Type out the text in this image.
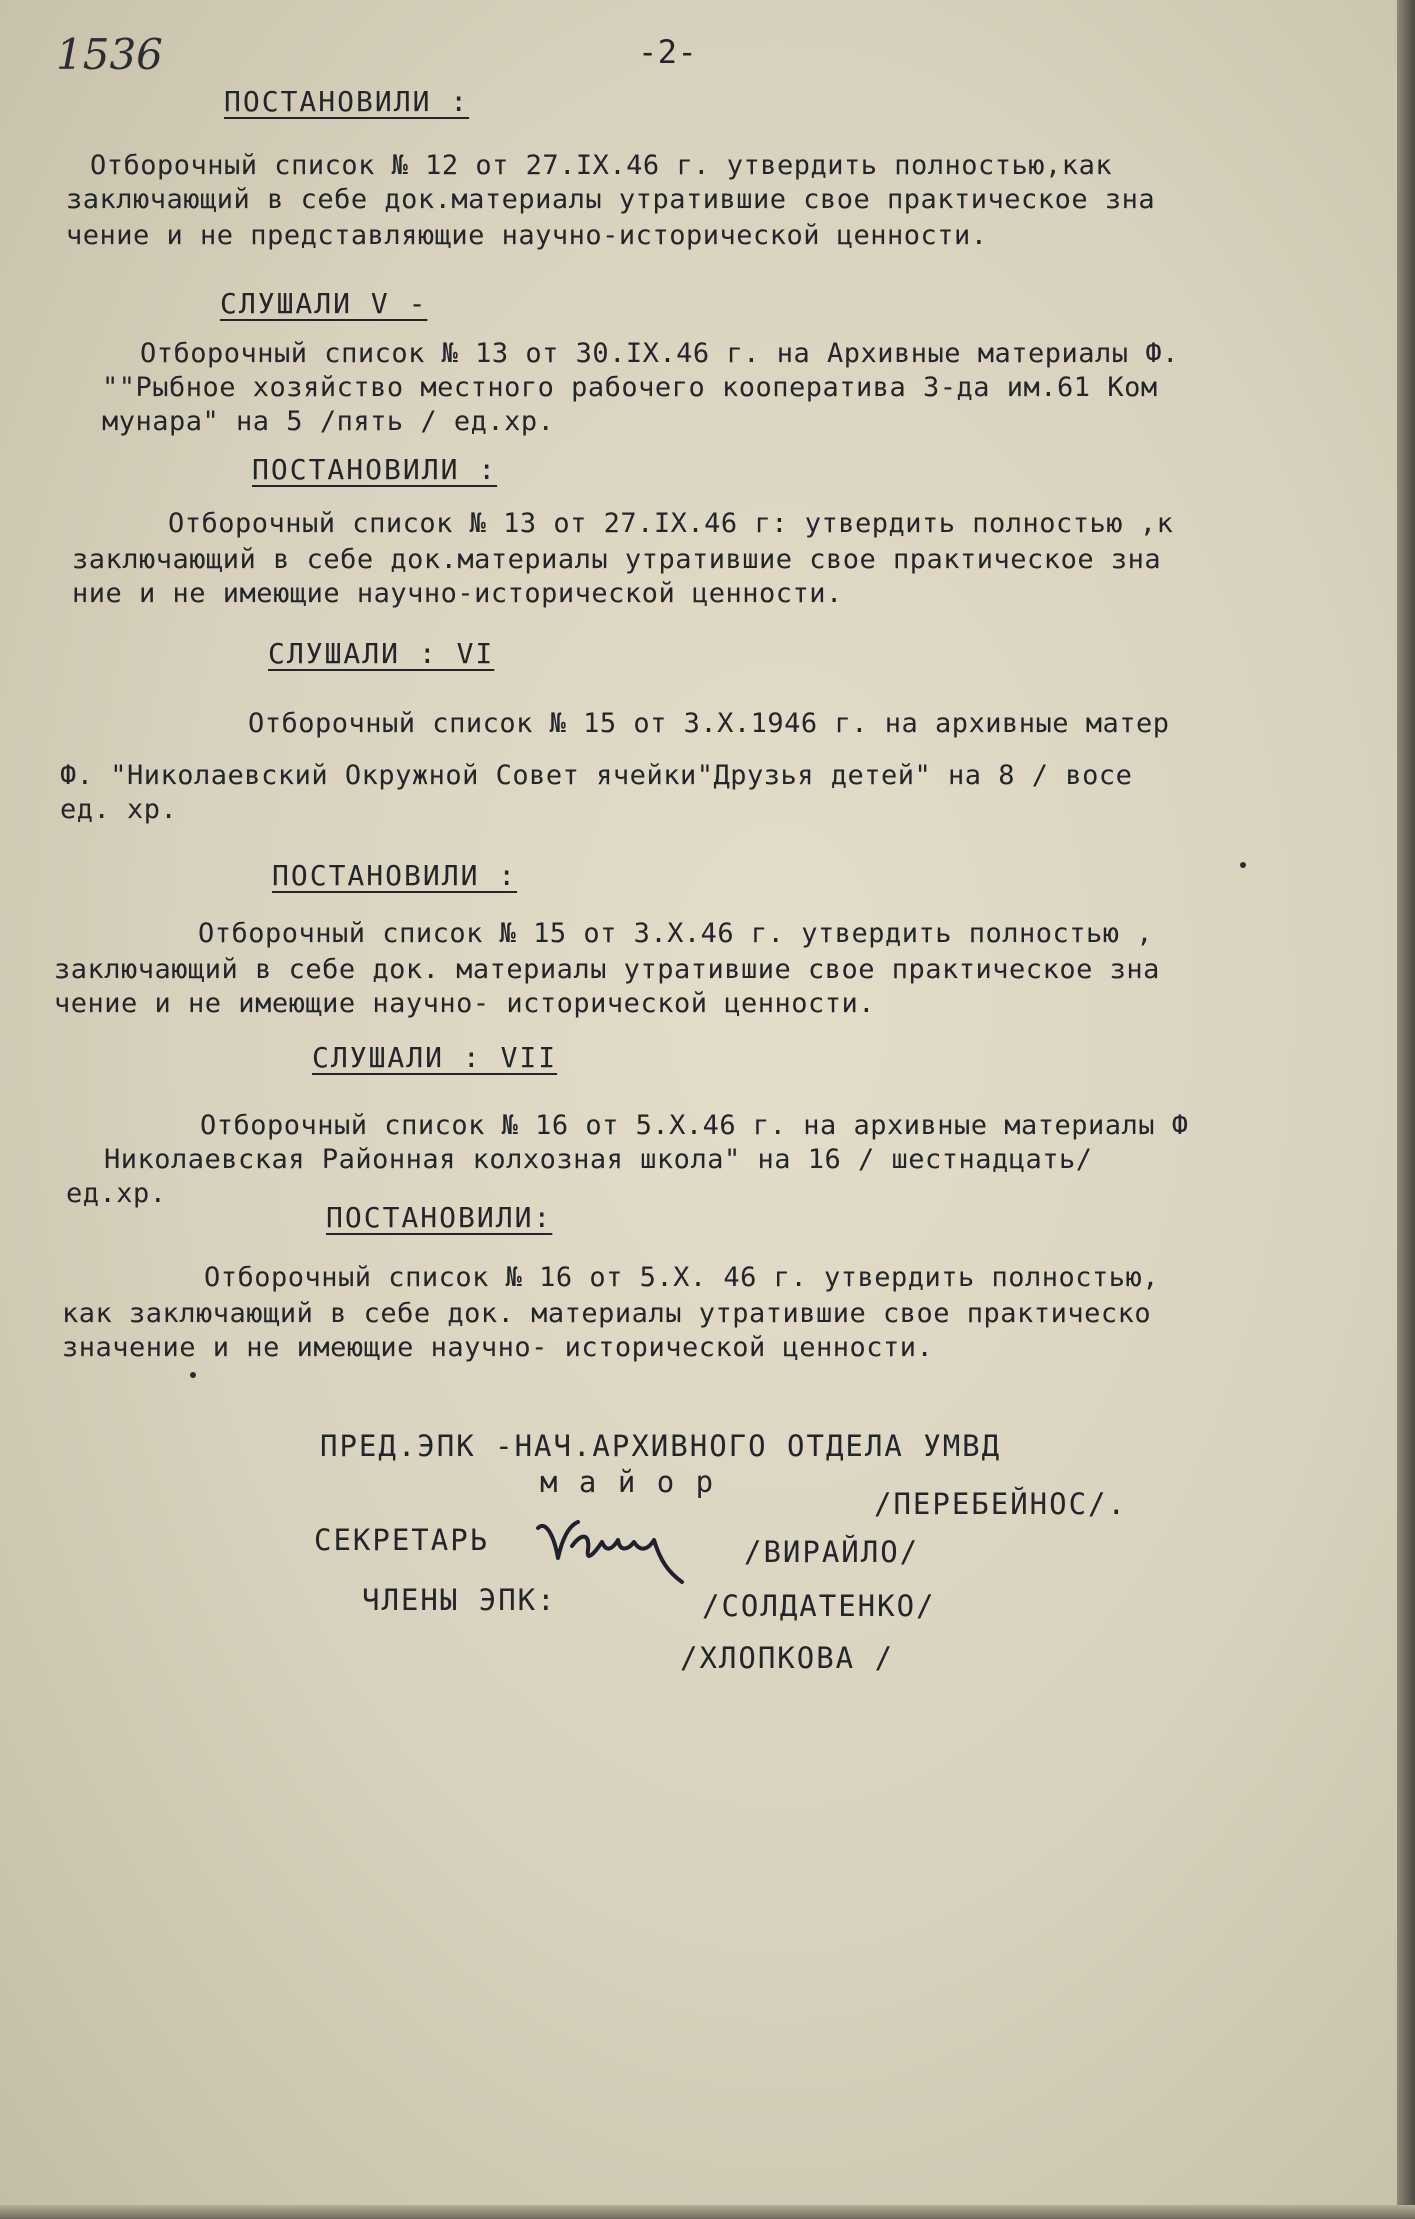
1536	-2-
ПОСТАНОВИЛИ :
Отборочный список № 12 от 27.IX.46 г. утвердить полностью,как
заключающий в себе док.материалы утратившие свое практическое зна
чение и не представляющие научно-исторической ценности.
СЛУШАЛИ V -
Отборочный список № 13 от 30.IX.46 г. на Архивные материалы Ф.
""Рыбное хозяйство местного рабочего кооператива З-да им.61 Ком
мунара" на 5 /пять / ед.хр.
ПОСТАНОВИЛИ :
Отборочный список № 13 от 27.IX.46 г: утвердить полностью ,к
заключающий в себе док.материалы утратившие свое практическое зна
ние и не имеющие научно-исторической ценности.
СЛУШАЛИ : VI
Отборочный список № 15 от 3.Х.1946 г. на архивные матер
Ф. "Николаевский Окружной Совет ячейки"Друзья детей" на 8 / восе
ед. хр.
ПОСТАНОВИЛИ :
Отборочный список № 15 от 3.Х.46 г. утвердить полностью ,
заключающий в себе док. материалы утратившие свое практическое зна
чение и не имеющие научно- исторической ценности.
СЛУШАЛИ : VII
Отборочный список № 16 от 5.Х.46 г. на архивные материалы Ф
Николаевская Районная колхозная школа" на 16 / шестнадцать/
ед.хр.
ПОСТАНОВИЛИ:
Отборочный список № 16 от 5.Х. 46 г. утвердить полностью,
как заключающий в себе док. материалы утратившие свое практическо
значение и не имеющие научно- исторической ценности.
ПРЕД.ЭПК -НАЧ.АРХИВНОГО ОТДЕЛА УМВД
м а й о р
/ПЕРЕБЕЙНОС/.
СЕКРЕТАРЬ	/ВИРАЙЛО/
ЧЛЕНЫ ЭПК:	/СОЛДАТЕНКО/
/ХЛОПКОВА /
